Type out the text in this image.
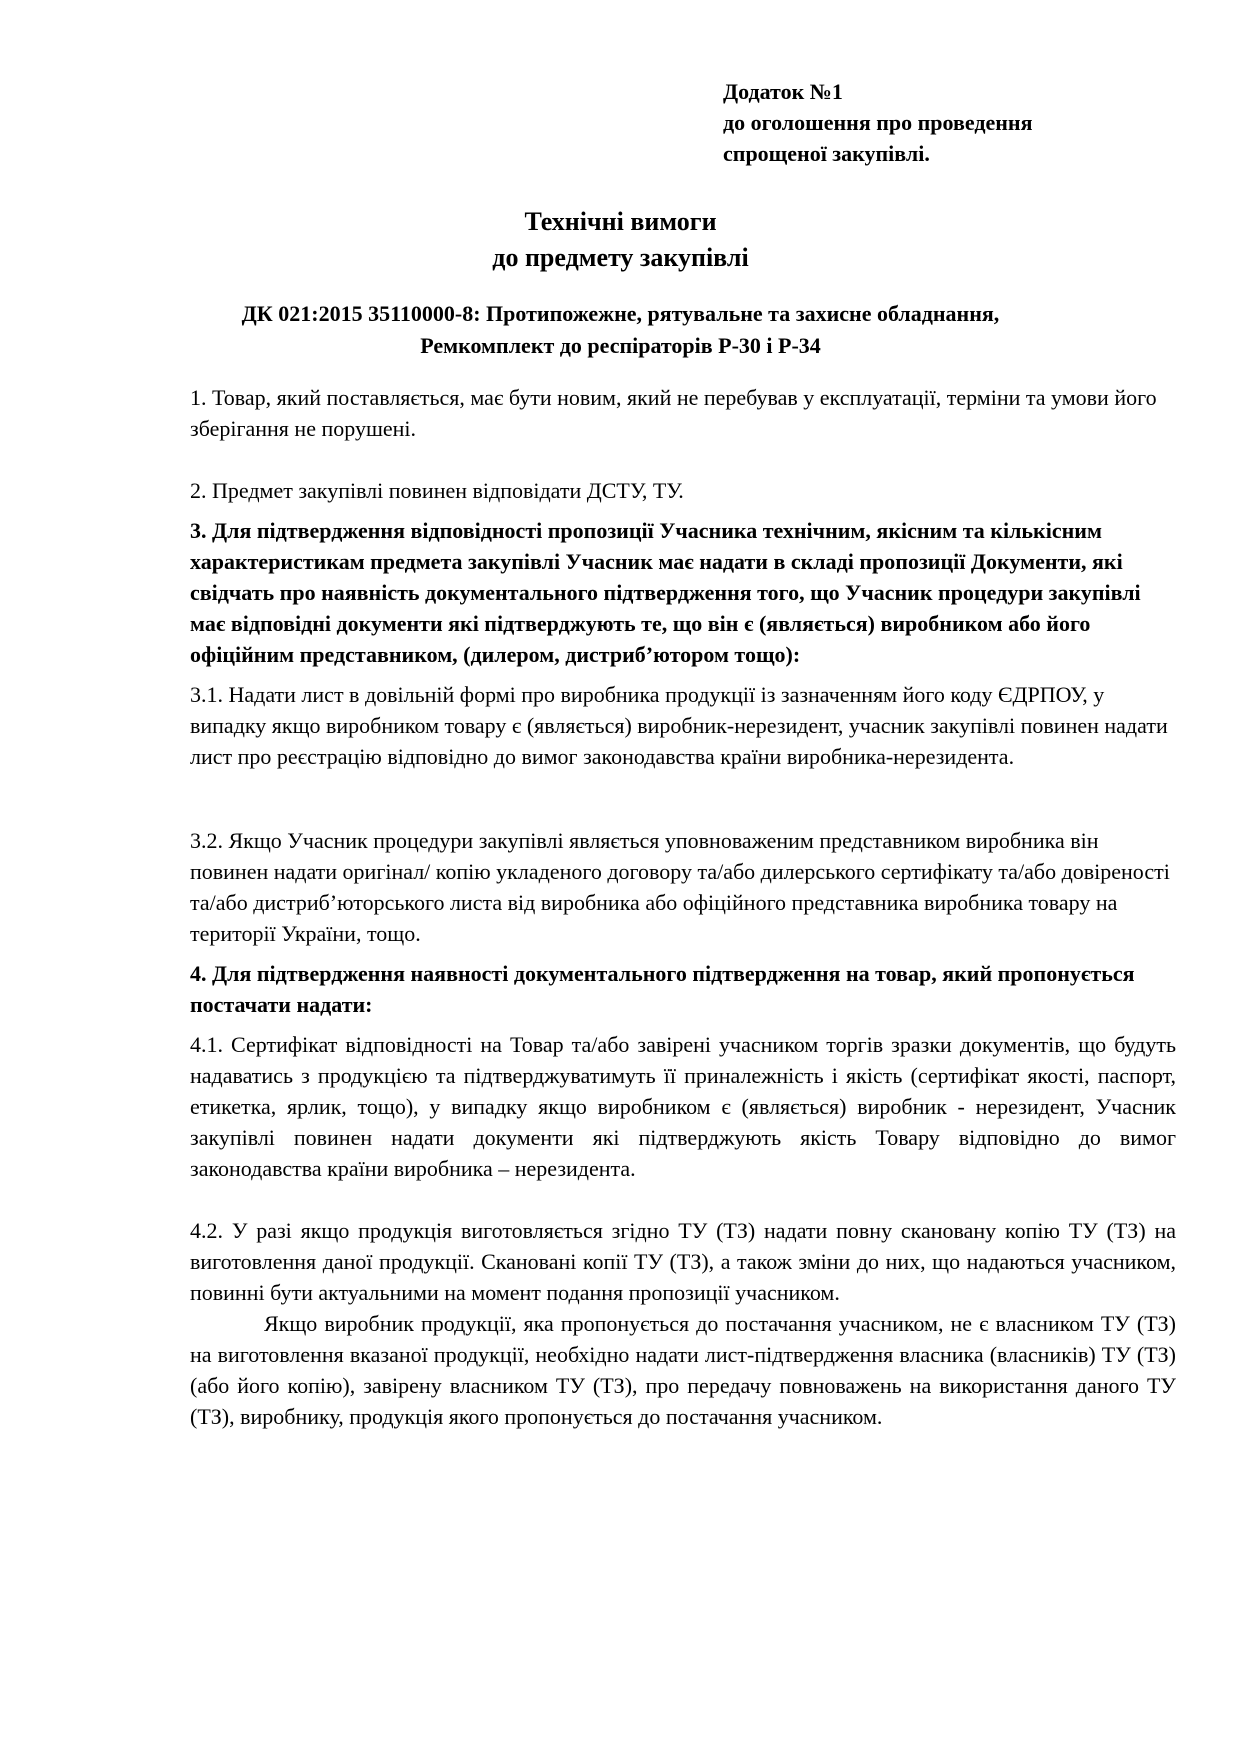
Додаток №1
до оголошення про проведення
спрощеної закупівлі.
Технічні вимоги
до предмету закупівлі
ДК 021:2015 35110000-8: Протипожежне, рятувальне та захисне обладнання,
Ремкомплект до респіраторів Р-30 і Р-34

1. Товар, який поставляється, має бути новим, який не перебував у експлуатації, терміни та умови його зберігання не порушені.

2. Предмет закупівлі повинен відповідати ДСТУ, ТУ.

3. Для підтвердження відповідності пропозиції Учасника технічним, якісним та кількісним характеристикам предмета закупівлі Учасник має надати в складі пропозиції Документи, які свідчать про наявність документального підтвердження того, що Учасник процедури закупівлі має відповідні документи які підтверджують те, що він є (являється) виробником або його офіційним представником, (дилером, дистриб’ютором тощо):

3.1. Надати лист в довільній формі про виробника продукції із зазначенням його коду ЄДРПОУ, у випадку якщо виробником товару є (являється) виробник-нерезидент, учасник закупівлі повинен надати лист про реєстрацію відповідно до вимог законодавства країни виробника-нерезидента.

3.2. Якщо Учасник процедури закупівлі являється уповноваженим представником виробника він повинен надати оригінал/ копію укладеного договору та/або дилерського сертифікату та/або довіреності та/або дистриб’юторського листа від виробника або офіційного представника виробника товару на території України, тощо.

4. Для підтвердження наявності документального підтвердження на товар, який пропонується постачати надати:

4.1. Сертифікат відповідності на Товар та/або завірені учасником торгів зразки документів, що будуть надаватись з продукцією та підтверджуватимуть її приналежність і якість (сертифікат якості, паспорт, етикетка, ярлик, тощо), у випадку якщо виробником є (являється) виробник - нерезидент, Учасник закупівлі повинен надати документи які підтверджують якість Товару відповідно до вимог законодавства країни виробника – нерезидента.

4.2. У разі якщо продукція виготовляється згідно ТУ (ТЗ) надати повну скановану копію ТУ (ТЗ) на виготовлення даної продукції. Скановані копії ТУ (ТЗ), а також зміни до них, що надаються учасником, повинні бути актуальними на момент подання пропозиції учасником.

Якщо виробник продукції, яка пропонується до постачання учасником, не є власником ТУ (ТЗ) на виготовлення вказаної продукції, необхідно надати лист-підтвердження власника (власників) ТУ (ТЗ) (або його копію), завірену власником ТУ (ТЗ), про передачу повноважень на використання даного ТУ (ТЗ), виробнику, продукція якого пропонується до постачання учасником.
